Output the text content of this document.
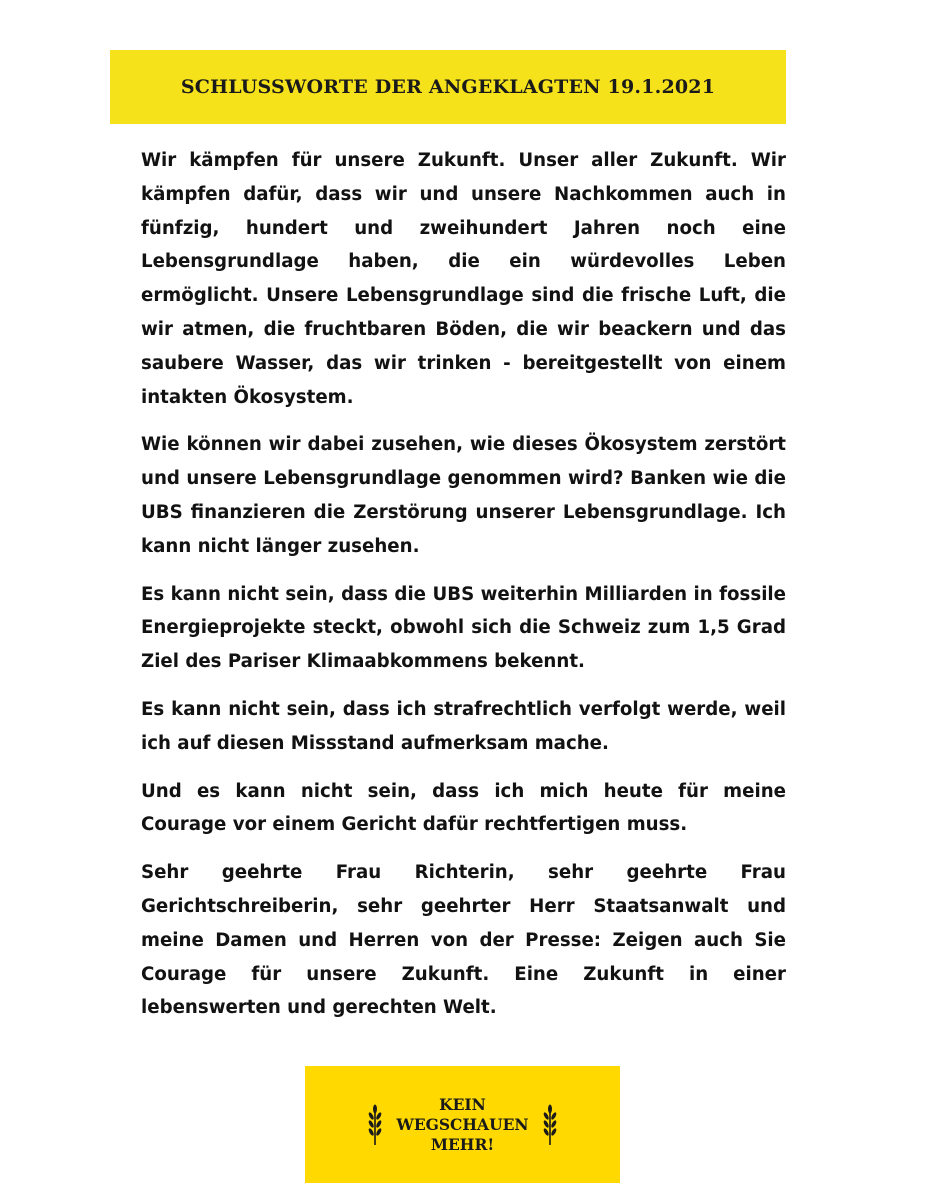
SCHLUSSWORTE DER ANGEKLAGTEN 19.1.2021

Wir kämpfen für unsere Zukunft. Unser aller Zukunft. Wir kämpfen dafür, dass wir und unsere Nachkommen auch in fünfzig, hundert und zweihundert Jahren noch eine Lebensgrundlage haben, die ein würdevolles Leben ermöglicht. Unsere Lebensgrundlage sind die frische Luft, die wir atmen, die fruchtbaren Böden, die wir beackern und das saubere Wasser, das wir trinken - bereitgestellt von einem intakten Ökosystem.

Wie können wir dabei zusehen, wie dieses Ökosystem zerstört und unsere Lebensgrundlage genommen wird? Banken wie die UBS finanzieren die Zerstörung unserer Lebensgrundlage. Ich kann nicht länger zusehen.

Es kann nicht sein, dass die UBS weiterhin Milliarden in fossile Energieprojekte steckt, obwohl sich die Schweiz zum 1,5 Grad Ziel des Pariser Klimaabkommens bekennt.

Es kann nicht sein, dass ich strafrechtlich verfolgt werde, weil ich auf diesen Missstand aufmerksam mache.

Und es kann nicht sein, dass ich mich heute für meine Courage vor einem Gericht dafür rechtfertigen muss.

Sehr geehrte Frau Richterin, sehr geehrte Frau Gerichtschreiberin, sehr geehrter Herr Staatsanwalt und meine Damen und Herren von der Presse: Zeigen auch Sie Courage für unsere Zukunft. Eine Zukunft in einer lebenswerten und gerechten Welt.

KEIN
WEGSCHAUEN
MEHR!
